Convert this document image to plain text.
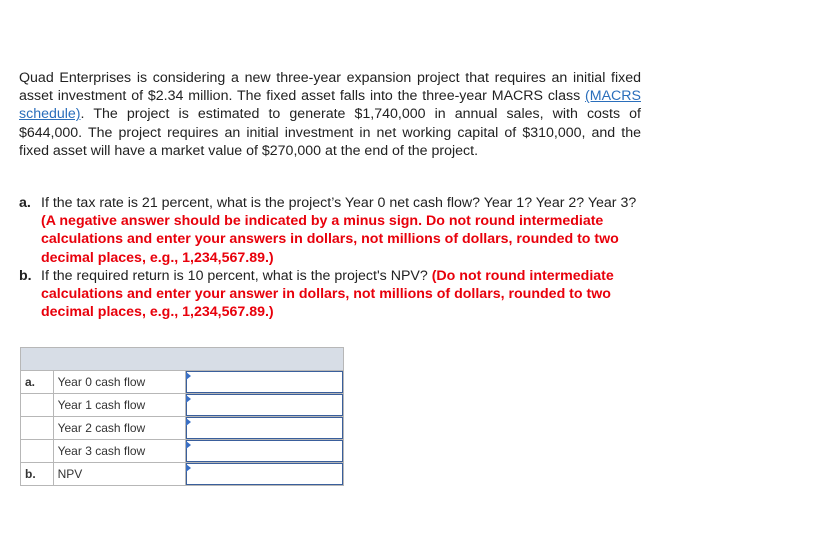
Quad Enterprises is considering a new three-year expansion project that requires an initial fixed asset investment of $2.34 million. The fixed asset falls into the three-year MACRS class (MACRS schedule). The project is estimated to generate $1,740,000 in annual sales, with costs of $644,000. The project requires an initial investment in net working capital of $310,000, and the fixed asset will have a market value of $270,000 at the end of the project.
a. If the tax rate is 21 percent, what is the project’s Year 0 net cash flow? Year 1? Year 2? Year 3? (A negative answer should be indicated by a minus sign. Do not round intermediate calculations and enter your answers in dollars, not millions of dollars, rounded to two decimal places, e.g., 1,234,567.89.)
b. If the required return is 10 percent, what is the project's NPV? (Do not round intermediate calculations and enter your answer in dollars, not millions of dollars, rounded to two decimal places, e.g., 1,234,567.89.)

a.	Year 0 cash flow	

	Year 1 cash flow	

	Year 2 cash flow	

	Year 3 cash flow	

b.	NPV	
